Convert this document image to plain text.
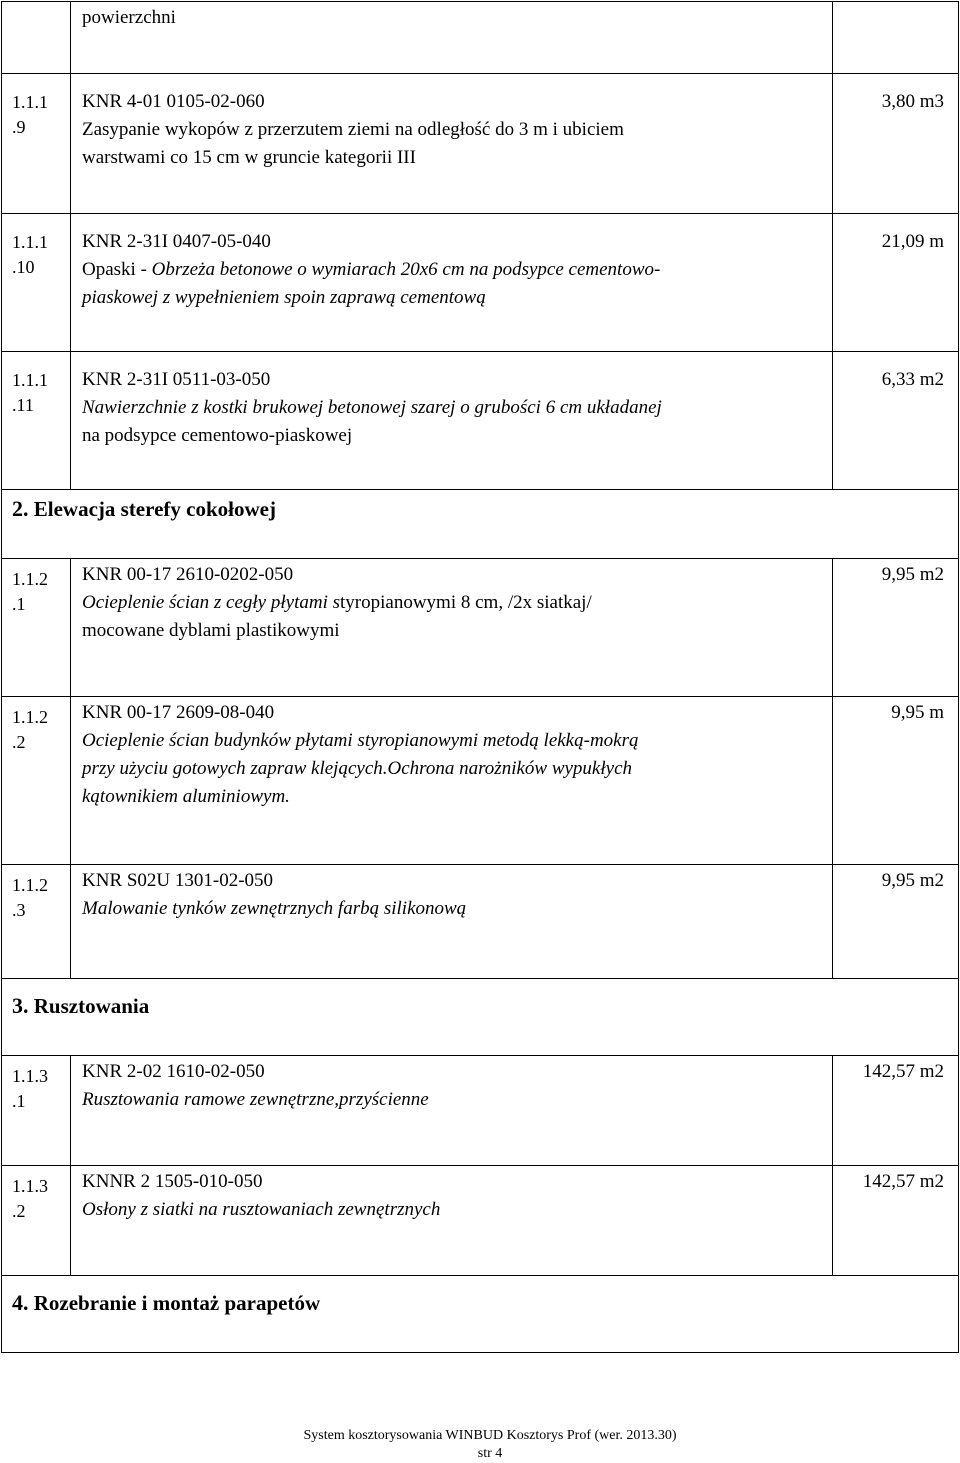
	powierzchni	

1.1.1
.9	KNR 4-01 0105-02-060
Zasypanie wykopów z przerzutem ziemi na odległość do 3 m i ubiciem
warstwami co 15 cm w gruncie kategorii III	3,80 m3

1.1.1
.10	KNR 2-31I 0407-05-040
Opaski - Obrzeża betonowe o wymiarach 20x6 cm na podsypce cementowo-
piaskowej z wypełnieniem spoin zaprawą cementową	21,09 m

1.1.1
.11	KNR 2-31I 0511-03-050
Nawierzchnie z kostki brukowej betonowej szarej o grubości 6 cm układanej
na podsypce cementowo-piaskowej	6,33 m2
2. Elewacja sterefy cokołowej		

1.1.2
.1	KNR 00-17 2610-0202-050
Ocieplenie ścian z cegły płytami styropianowymi 8 cm, /2x siatkaj/
mocowane dyblami plastikowymi	9,95 m2

1.1.2
.2	KNR 00-17 2609-08-040
Ocieplenie ścian budynków płytami styropianowymi metodą lekką-mokrą
przy użyciu gotowych zapraw klejących.Ochrona narożników wypukłych
kątownikiem aluminiowym.	9,95 m

1.1.2
.3	KNR S02U 1301-02-050
Malowanie tynków zewnętrznych farbą silikonową	9,95 m2
3. Rusztowania		

1.1.3
.1	KNR 2-02 1610-02-050
Rusztowania ramowe zewnętrzne,przyścienne	142,57 m2

1.1.3
.2	KNNR 2 1505-010-050
Osłony z siatki na rusztowaniach zewnętrznych	142,57 m2
4. Rozebranie i montaż parapetów		
System kosztorysowania WINBUD Kosztorys Prof (wer. 2013.30)
str 4
